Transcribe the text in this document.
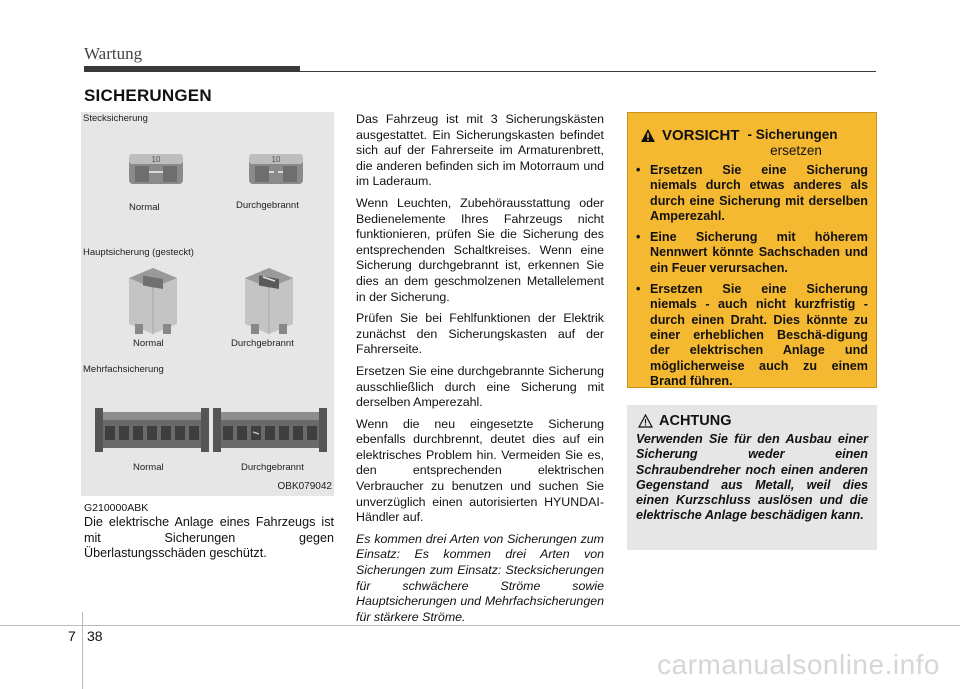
Wartung
SICHERUNGEN
Stecksicherung
10	10
Normal	Durchgebrannt
Hauptsicherung (gesteckt)
Normal	Durchgebrannt
Mehrfachsicherung
Normal	Durchgebrannt
OBK079042
G210000ABK
Die elektrische Anlage eines Fahrzeugs ist mit Sicherungen gegen Überlastungsschäden geschützt.

Das Fahrzeug ist mit 3 Sicherungskästen ausgestattet. Ein Sicherungskasten befindet sich auf der Fahrerseite im Armaturenbrett, die anderen befinden sich im Motorraum und im Laderaum.

Wenn Leuchten, Zubehörausstattung oder Bedienelemente Ihres Fahrzeugs nicht funktionieren, prüfen Sie die Sicherung des entsprechenden Schaltkreises. Wenn eine Sicherung durchgebrannt ist, erkennen Sie dies an dem geschmolzenen Metallelement in der Sicherung.

Prüfen Sie bei Fehlfunktionen der Elektrik zunächst den Sicherungskasten auf der Fahrerseite.

Ersetzen Sie eine durchgebrannte Sicherung ausschließlich durch eine Sicherung mit derselben Amperezahl.

Wenn die neu eingesetzte Sicherung ebenfalls durchbrennt, deutet dies auf ein elektrisches Problem hin. Vermeiden Sie es, den entsprechenden elektrischen Verbraucher zu benutzen und suchen Sie unverzüglich einen autorisierten HYUNDAI-Händler auf.

Es kommen drei Arten von Sicherungen zum Einsatz: Es kommen drei Arten von Sicherungen zum Einsatz: Stecksicherungen für schwächere Ströme sowie Hauptsicherungen und Mehrfachsicherungen für stärkere Ströme.

VORSICHT - Sicherungen
ersetzen
• Ersetzen Sie eine Sicherung niemals durch etwas anderes als durch eine Sicherung mit derselben Amperezahl.
• Eine Sicherung mit höherem Nennwert könnte Sachschaden und ein Feuer verursachen.
• Ersetzen Sie eine Sicherung niemals - auch nicht kurzfristig - durch einen Draht. Dies könnte zu einer erheblichen Beschä-digung der elektrischen Anlage und möglicherweise auch zu einem Brand führen.
ACHTUNG
Verwenden Sie für den Ausbau einer Sicherung weder einen Schraubendreher noch einen anderen Gegenstand aus Metall, weil dies einen Kurzschluss auslösen und die elektrische Anlage beschädigen kann.
7 38
carmanualsonline.info
